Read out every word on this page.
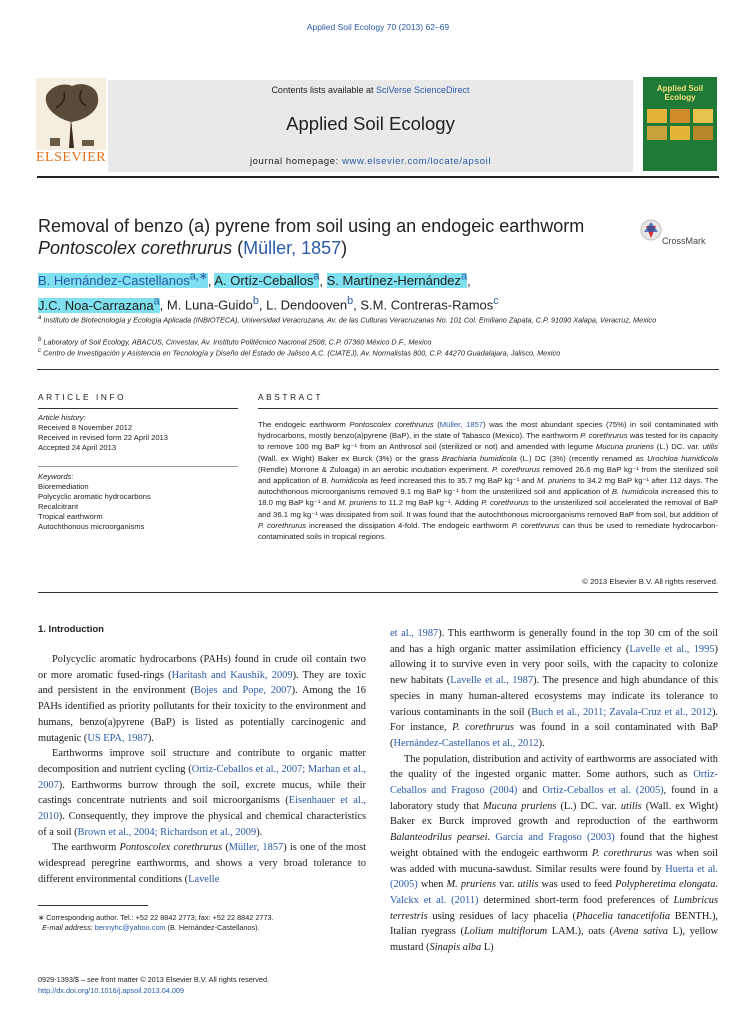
Applied Soil Ecology 70 (2013) 62–69
ELSEVIER
Contents lists available at SciVerse ScienceDirect
Applied Soil Ecology
journal homepage: www.elsevier.com/locate/apsoil
Applied Soil Ecology
Removal of benzo (a) pyrene from soil using an endogeic earthworm
Pontoscolex corethrurus (Müller, 1857)	CrossMark
B. Hernández-Castellanos$^{a,∗}$, A. Ortíz-Ceballos$^a$, S. Martínez-Hernández$^a$,
J.C. Noa-Carrazana$^a$, M. Luna-Guido$^b$, L. Dendooven$^b$, S.M. Contreras-Ramos$^c$
$^a$ Instituto de Biotecnología y Ecología Aplicada (INBIOTECA), Universidad Veracruzana, Av. de las Culturas Veracruzanas No. 101 Col. Emiliano Zapata, C.P. 91090 Xalapa, Veracruz, Mexico
$^b$ Laboratory of Soil Ecology, ABACUS, Cinvestav, Av. Instituto Politécnico Nacional 2508, C.P. 07360 México D.F., Mexico
$^c$ Centro de Investigación y Asistencia en Tecnología y Diseño del Estado de Jalisco A.C. (CIATEJ), Av. Normalistas 800, C.P. 44270 Guadalajara, Jalisco, Mexico
ARTICLE INFO
Article history:
Received 8 November 2012
Received in revised form 22 April 2013
Accepted 24 April 2013
Keywords:
Bioremediation
Polycyclic aromatic hydrocarbons
Recalcitrant
Tropical earthworm
Autochthonous microorganisms
ABSTRACT
The endogeic earthworm Pontoscolex corethrurus (Müller, 1857) was the most abundant species (75%) in soil contaminated with hydrocarbons, mostly benzo(a)pyrene (BaP), in the state of Tabasco (Mexico). The earthworm P. corethrurus was tested for its capacity to remove 100 mg BaP kg⁻¹ from an Anthrosol soil (sterilized or not) and amended with legume Mucuna pruriens (L.) DC. var. utilis (Wall. ex Wight) Baker ex Burck (3%) or the grass Brachiaria humidicola (L.) DC (3%) (recently renamed as Urochloa humidicola (Rendle) Morrone & Zuloaga) in an aerobic incubation experiment. P. corethrurus removed 26.6 mg BaP kg⁻¹ from the sterilized soil and application of B. humidicola as feed increased this to 35.7 mg BaP kg⁻¹ and M. pruriens to 34.2 mg BaP kg⁻¹ after 112 days. The autochthonous microorganisms removed 9.1 mg BaP kg⁻¹ from the unsterilized soil and application of B. humidicola increased this to 18.0 mg BaP kg⁻¹ and M. pruriens to 11.2 mg BaP kg⁻¹. Adding P. corethrurus to the unsterilized soil accelerated the removal of BaP and 36.1 mg kg⁻¹ was dissipated from soil. It was found that the autochthonous microorganisms removed BaP from soil, but addition of P. corethrurus increased the dissipation 4-fold. The endogeic earthworm P. corethrurus can thus be used to remediate hydrocarbon-contaminated soils in tropical regions.
© 2013 Elsevier B.V. All rights reserved.
1. Introduction

Polycyclic aromatic hydrocarbons (PAHs) found in crude oil contain two or more aromatic fused-rings (Haritash and Kaushik, 2009). They are toxic and persistent in the environment (Bojes and Pope, 2007). Among the 16 PAHs identified as priority pollutants for their toxicity to the environment and humans, benzo(a)pyrene (BaP) is listed as potentially carcinogenic and mutagenic (US EPA, 1987).

Earthworms improve soil structure and contribute to organic matter decomposition and nutrient cycling (Ortiz-Ceballos et al., 2007; Marhan et al., 2007). Earthworms burrow through the soil, excrete mucus, while their castings concentrate nutrients and soil microorganisms (Eisenhauer et al., 2010). Consequently, they improve the physical and chemical characteristics of a soil (Brown et al., 2004; Richardson et al., 2009).

The earthworm Pontoscolex corethrurus (Müller, 1857) is one of the most widespread peregrine earthworms, and shows a very broad tolerance to different environmental conditions (Lavelle

et al., 1987). This earthworm is generally found in the top 30 cm of the soil and has a high organic matter assimilation efficiency (Lavelle et al., 1995) allowing it to survive even in very poor soils, with the capacity to colonize new habitats (Lavelle et al., 1987). The presence and high abundance of this species in many human-altered ecosystems may indicate its tolerance to various contaminants in the soil (Buch et al., 2011; Zavala-Cruz et al., 2012). For instance, P. corethrurus was found in a soil contaminated with BaP (Hernández-Castellanos et al., 2012).

The population, distribution and activity of earthworms are associated with the quality of the ingested organic matter. Some authors, such as Ortiz-Ceballos and Fragoso (2004) and Ortiz-Ceballos et al. (2005), found in a laboratory study that Mucuna pruriens (L.) DC. var. utilis (Wall. ex Wight) Baker ex Burck improved growth and reproduction of the earthworm Balanteodrilus pearsei. García and Fragoso (2003) found that the highest weight obtained with the endogeic earthworm P. corethrurus was when soil was added with mucuna-sawdust. Similar results were found by Huerta et al. (2005) when M. pruriens var. utilis was used to feed Polypheretima elongata. Valckx et al. (2011) determined short-term food preferences of Lumbricus terrestris using residues of lacy phacelia (Phacelia tanacetifolia BENTH.), Italian ryegrass (Lolium multiflorum LAM.), oats (Avena sativa L), yellow mustard (Sinapis alba L)

∗ Corresponding author. Tel.: +52 22 8842 2773; fax: +52 22 8842 2773.
E-mail address: bennyhc@yahoo.com (B. Hernández-Castellanos).
0929-1393/$ – see front matter © 2013 Elsevier B.V. All rights reserved.
http://dx.doi.org/10.1016/j.apsoil.2013.04.009
